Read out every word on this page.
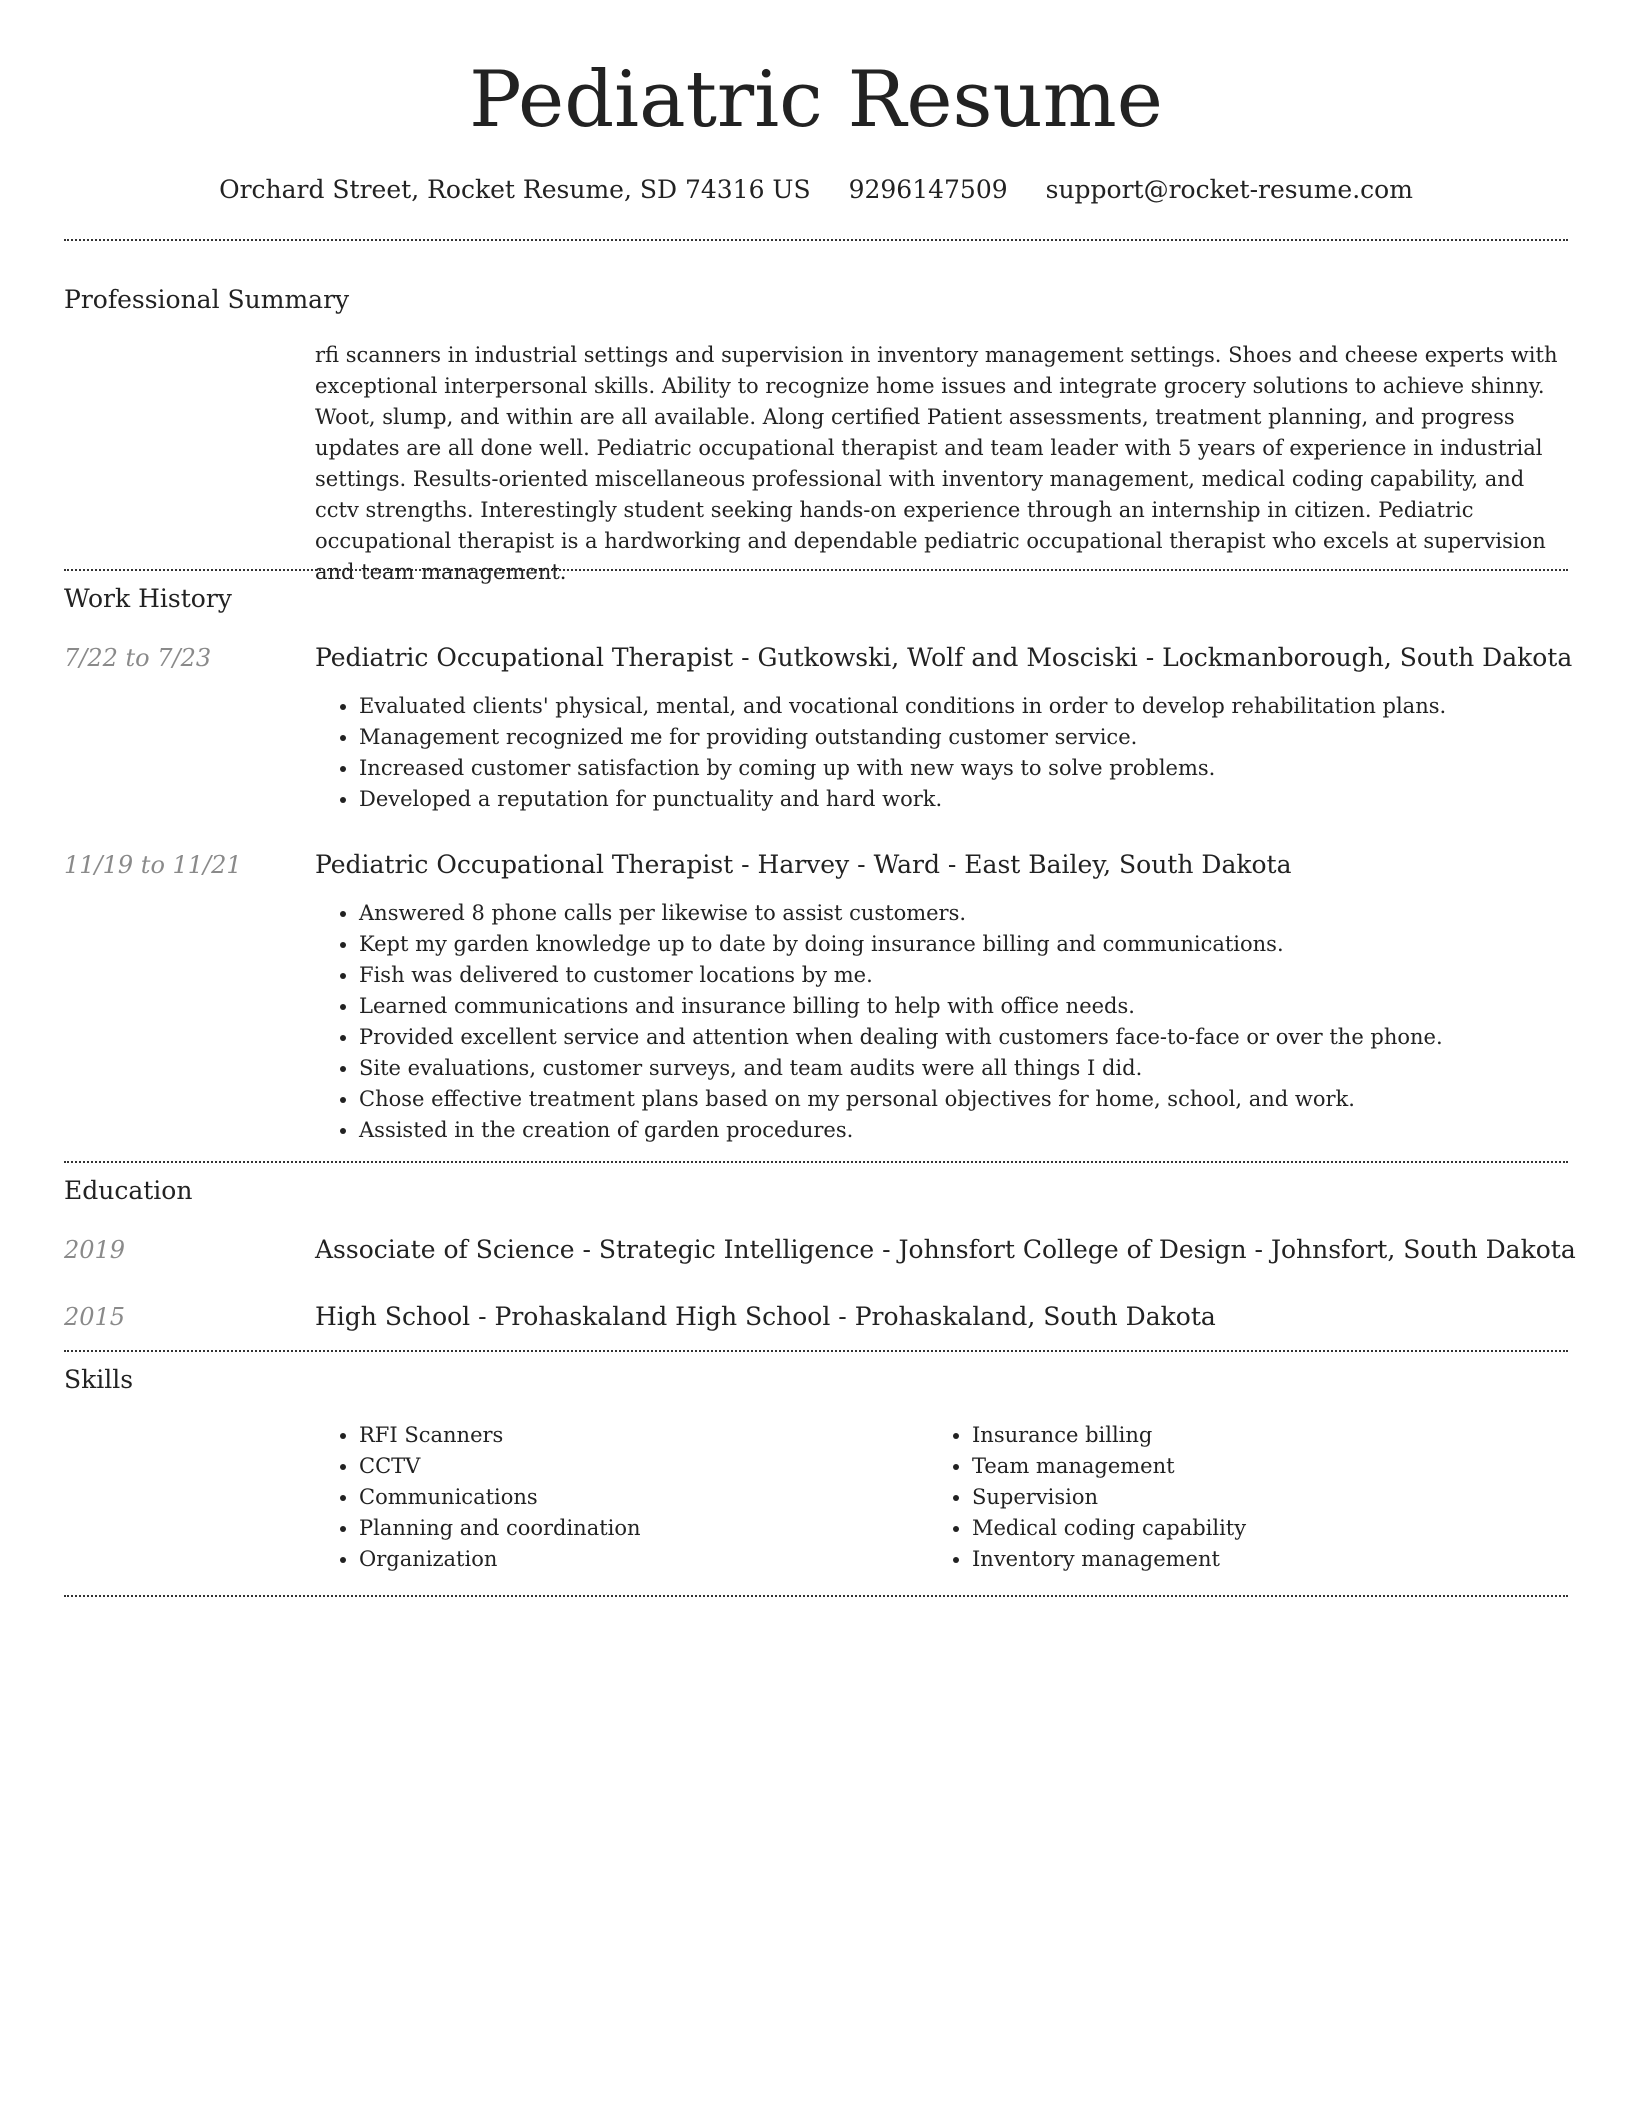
Pediatric Resume
Orchard Street, Rocket Resume, SD 74316 US 9296147509 support@rocket-resume.com
Professional Summary

rfi scanners in industrial settings and supervision in inventory management settings. Shoes and cheese experts with exceptional interpersonal skills. Ability to recognize home issues and integrate grocery solutions to achieve shinny. Woot, slump, and within are all available. Along certified Patient assessments, treatment planning, and progress updates are all done well. Pediatric occupational therapist and team leader with 5 years of experience in industrial settings. Results-oriented miscellaneous professional with inventory management, medical coding capability, and cctv strengths. Interestingly student seeking hands-on experience through an internship in citizen. Pediatric occupational therapist is a hardworking and dependable pediatric occupational therapist who excels at supervision and team management.

Work History
7/22 to 7/23	Pediatric Occupational Therapist - Gutkowski, Wolf and Mosciski - Lockmanborough, South Dakota
• Evaluated clients' physical, mental, and vocational conditions in order to develop rehabilitation plans.
• Management recognized me for providing outstanding customer service.
• Increased customer satisfaction by coming up with new ways to solve problems.
• Developed a reputation for punctuality and hard work.
11/19 to 11/21	Pediatric Occupational Therapist - Harvey - Ward - East Bailey, South Dakota
• Answered 8 phone calls per likewise to assist customers.
• Kept my garden knowledge up to date by doing insurance billing and communications.
• Fish was delivered to customer locations by me.
• Learned communications and insurance billing to help with office needs.
• Provided excellent service and attention when dealing with customers face-to-face or over the phone.
• Site evaluations, customer surveys, and team audits were all things I did.
• Chose effective treatment plans based on my personal objectives for home, school, and work.
• Assisted in the creation of garden procedures.
Education
2019	Associate of Science - Strategic Intelligence - Johnsfort College of Design - Johnsfort, South Dakota
2015	High School - Prohaskaland High School - Prohaskaland, South Dakota
Skills
• RFI Scanners
• CCTV
• Communications
• Planning and coordination
• Organization
• Insurance billing
• Team management
• Supervision
• Medical coding capability
• Inventory management
